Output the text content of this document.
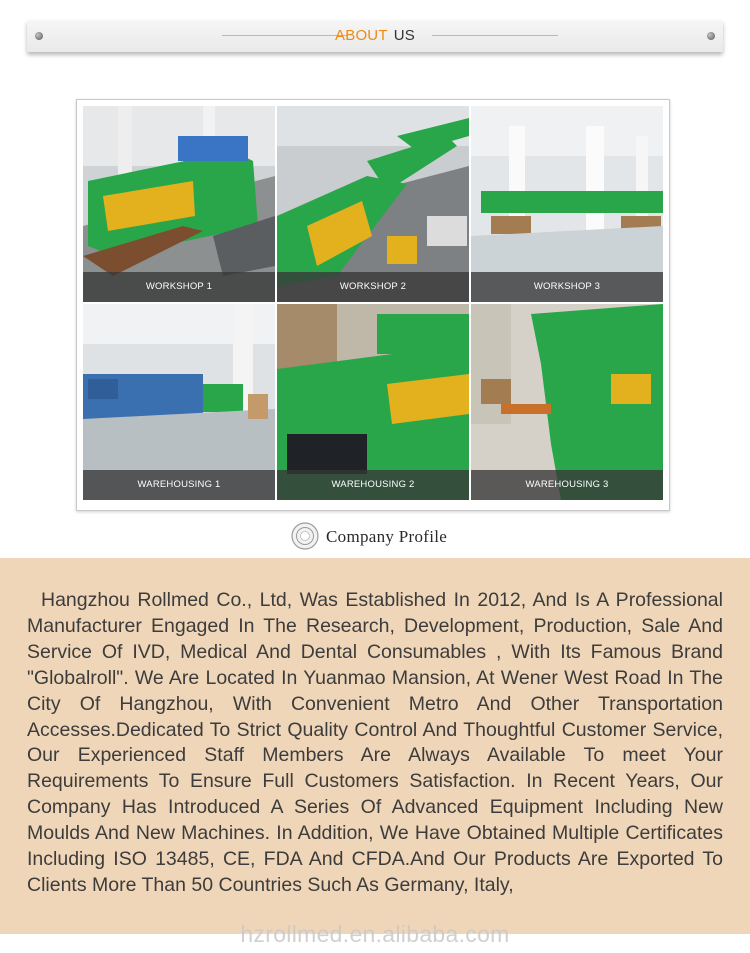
ABOUT US
WORKSHOP 1	WORKSHOP 2	WORKSHOP 3
WAREHOUSING 1	WAREHOUSING 2	WAREHOUSING 3
Company Profile

Hangzhou Rollmed Co., Ltd, Was Established In 2012, And Is A Professional Manufacturer Engaged In The Research, Development, Production, Sale And Service Of IVD, Medical And Dental Consumables , With Its Famous Brand "Globalroll". We Are Located In Yuanmao Mansion, At Wener West Road In The City Of Hangzhou, With Convenient Metro And Other Transportation Accesses.Dedicated To Strict Quality Control And Thoughtful Customer Service, Our Experienced Staff Members Are Always Available To meet Your Requirements To Ensure Full Customers Satisfaction. In Recent Years, Our Company Has Introduced A Series Of Advanced Equipment Including New Moulds And New Machines. In Addition, We Have Obtained Multiple Certificates Including ISO 13485, CE, FDA And CFDA.And Our Products Are Exported To Clients More Than 50 Countries Such As Germany, Italy,

hzrollmed.en.alibaba.com
